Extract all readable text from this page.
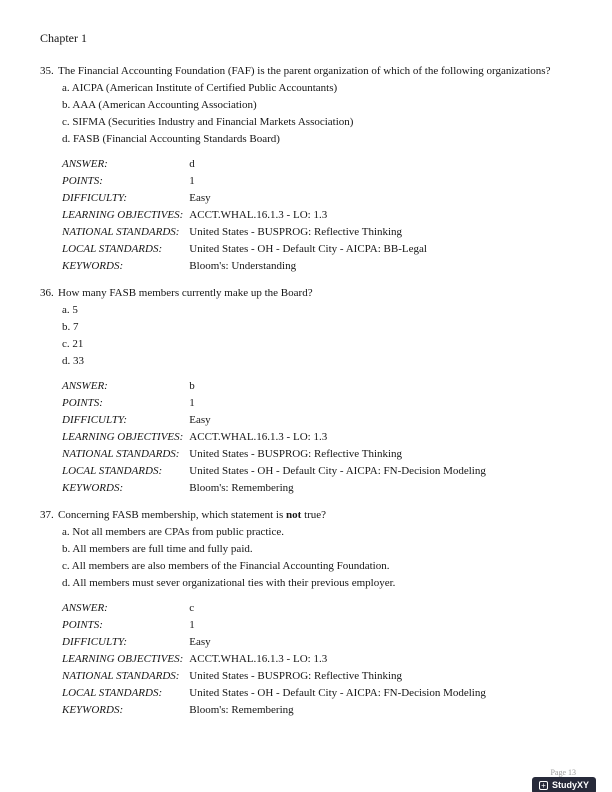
Chapter 1
35. The Financial Accounting Foundation (FAF) is the parent organization of which of the following organizations?
a. AICPA (American Institute of Certified Public Accountants)
b. AAA (American Accounting Association)
c. SIFMA (Securities Industry and Financial Markets Association)
d. FASB (Financial Accounting Standards Board)
ANSWER:	d
POINTS:	1
DIFFICULTY:	Easy
LEARNING OBJECTIVES:	ACCT.WHAL.16.1.3 - LO: 1.3
NATIONAL STANDARDS:	United States - BUSPROG: Reflective Thinking
LOCAL STANDARDS:	United States - OH - Default City - AICPA: BB-Legal
KEYWORDS:	Bloom's: Understanding
36. How many FASB members currently make up the Board?
a. 5
b. 7
c. 21
d. 33
ANSWER:	b
POINTS:	1
DIFFICULTY:	Easy
LEARNING OBJECTIVES:	ACCT.WHAL.16.1.3 - LO: 1.3
NATIONAL STANDARDS:	United States - BUSPROG: Reflective Thinking
LOCAL STANDARDS:	United States - OH - Default City - AICPA: FN-Decision Modeling
KEYWORDS:	Bloom's: Remembering
37. Concerning FASB membership, which statement is not true?
a. Not all members are CPAs from public practice.
b. All members are full time and fully paid.
c. All members are also members of the Financial Accounting Foundation.
d. All members must sever organizational ties with their previous employer.
ANSWER:	c
POINTS:	1
DIFFICULTY:	Easy
LEARNING OBJECTIVES:	ACCT.WHAL.16.1.3 - LO: 1.3
NATIONAL STANDARDS:	United States - BUSPROG: Reflective Thinking
LOCAL STANDARDS:	United States - OH - Default City - AICPA: FN-Decision Modeling
KEYWORDS:	Bloom's: Remembering
Page 13
+ StudyXY
